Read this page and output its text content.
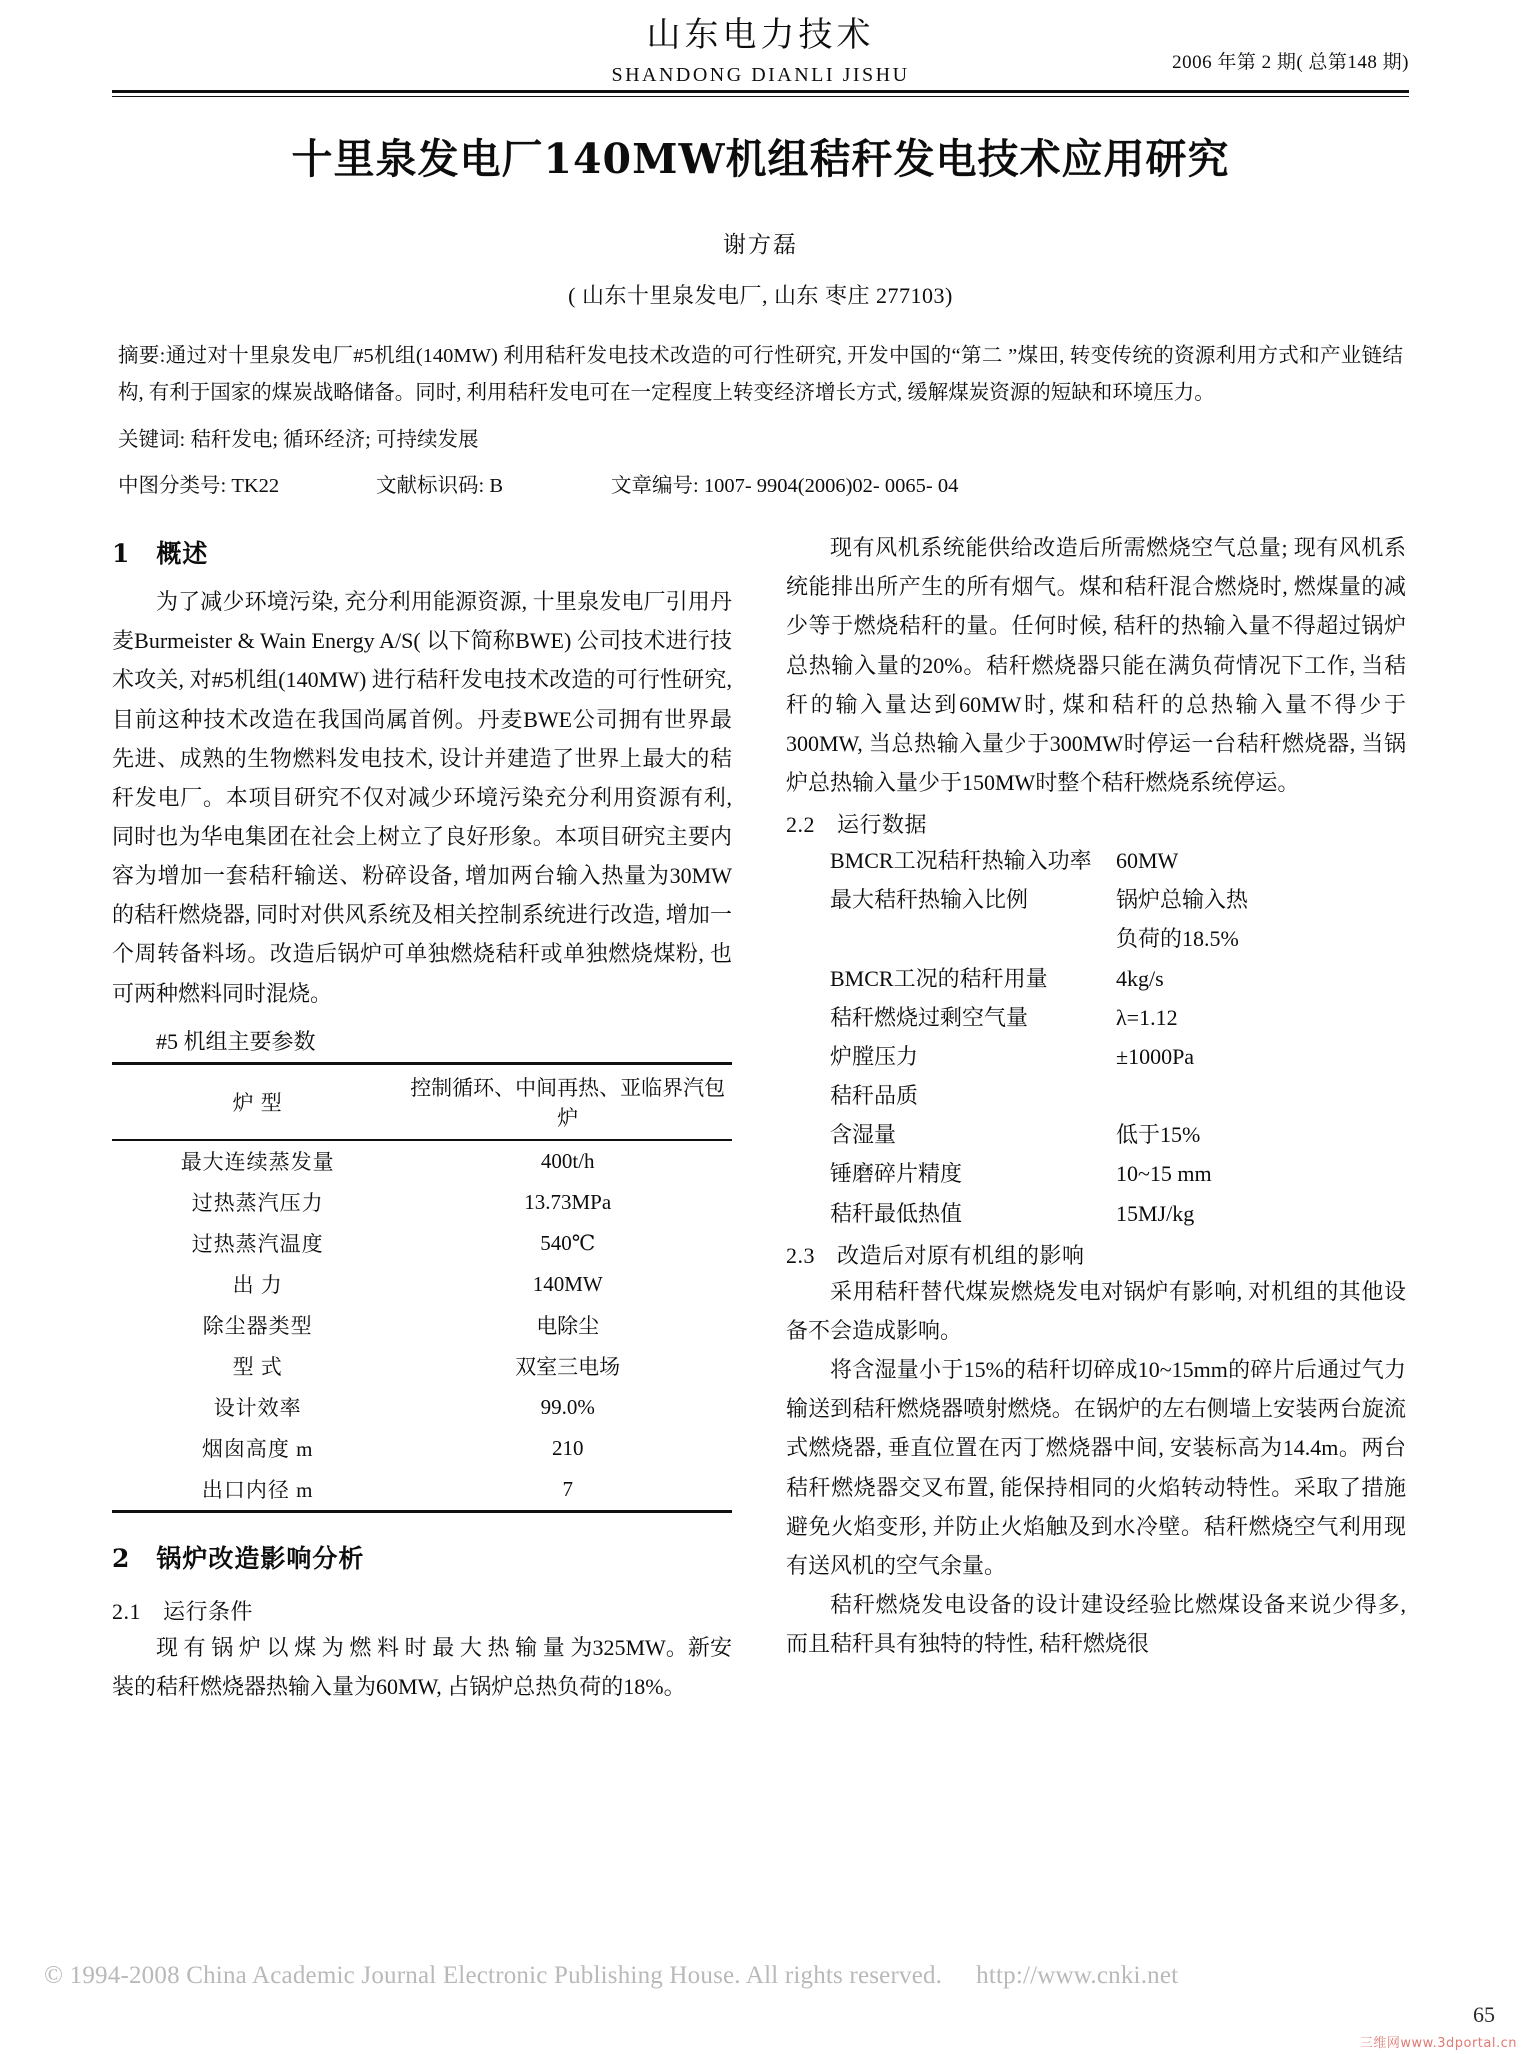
山东电力技术
SHANDONG DIANLI JISHU
2006 年第 2 期( 总第148 期)
十里泉发电厂140MW机组秸秆发电技术应用研究
谢方磊
( 山东十里泉发电厂, 山东 枣庄 277103)

摘要:通过对十里泉发电厂#5机组(140MW) 利用秸秆发电技术改造的可行性研究, 开发中国的“第二 ”煤田, 转变传统的资源利用方式和产业链结构, 有利于国家的煤炭战略储备。同时, 利用秸秆发电可在一定程度上转变经济增长方式, 缓解煤炭资源的短缺和环境压力。

关键词: 秸秆发电; 循环经济; 可持续发展
中图分类号: TK22	文献标识码: B	文章编号: 1007- 9904(2006)02- 0065- 04
1 概述

为了减少环境污染, 充分利用能源资源, 十里泉发电厂引用丹麦Burmeister & Wain Energy A/S( 以下简称BWE) 公司技术进行技术攻关, 对#5机组(140MW) 进行秸秆发电技术改造的可行性研究, 目前这种技术改造在我国尚属首例。丹麦BWE公司拥有世界最先进、成熟的生物燃料发电技术, 设计并建造了世界上最大的秸秆发电厂。本项目研究不仅对减少环境污染充分利用资源有利, 同时也为华电集团在社会上树立了良好形象。本项目研究主要内容为增加一套秸秆输送、粉碎设备, 增加两台输入热量为30MW的秸秆燃烧器, 同时对供风系统及相关控制系统进行改造, 增加一个周转备料场。改造后锅炉可单独燃烧秸秆或单独燃烧煤粉, 也可两种燃料同时混烧。

#5 机组主要参数
炉 型	控制循环、中间再热、亚临界汽包炉
最大连续蒸发量	400t/h
过热蒸汽压力	13.73MPa
过热蒸汽温度	540℃
出 力	140MW
除尘器类型	电除尘
型 式	双室三电场
设计效率	99.0%
烟囱高度 m	210
出口内径 m	7

2 锅炉改造影响分析
2.1 运行条件

现 有 锅 炉 以 煤 为 燃 料 时 最 大 热 输 量 为325MW。新安装的秸秆燃烧器热输入量为60MW, 占锅炉总热负荷的18%。

现有风机系统能供给改造后所需燃烧空气总量; 现有风机系统能排出所产生的所有烟气。煤和秸秆混合燃烧时, 燃煤量的减少等于燃烧秸秆的量。任何时候, 秸秆的热输入量不得超过锅炉总热输入量的20%。秸秆燃烧器只能在满负荷情况下工作, 当秸秆的输入量达到60MW时, 煤和秸秆的总热输入量不得少于300MW, 当总热输入量少于300MW时停运一台秸秆燃烧器, 当锅炉总热输入量少于150MW时整个秸秆燃烧系统停运。

2.2 运行数据
BMCR工况秸秆热输入功率	60MW
最大秸秆热输入比例	锅炉总输入热
负荷的18.5%
BMCR工况的秸秆用量	4kg/s
秸秆燃烧过剩空气量	λ=1.12
炉膛压力	±1000Pa
秸秆品质
含湿量	低于15%
锤磨碎片精度	10~15 mm
秸秆最低热值	15MJ/kg
2.3 改造后对原有机组的影响

采用秸秆替代煤炭燃烧发电对锅炉有影响, 对机组的其他设备不会造成影响。

将含湿量小于15%的秸秆切碎成10~15mm的碎片后通过气力输送到秸秆燃烧器喷射燃烧。在锅炉的左右侧墙上安装两台旋流式燃烧器, 垂直位置在丙丁燃烧器中间, 安装标高为14.4m。两台秸秆燃烧器交叉布置, 能保持相同的火焰转动特性。采取了措施避免火焰变形, 并防止火焰触及到水冷壁。秸秆燃烧空气利用现有送风机的空气余量。

秸秆燃烧发电设备的设计建设经验比燃煤设备来说少得多, 而且秸秆具有独特的特性, 秸秆燃烧很

© 1994-2008 China Academic Journal Electronic Publishing House. All rights reserved. http://www.cnki.net
65
三维网www.3dportal.cn
